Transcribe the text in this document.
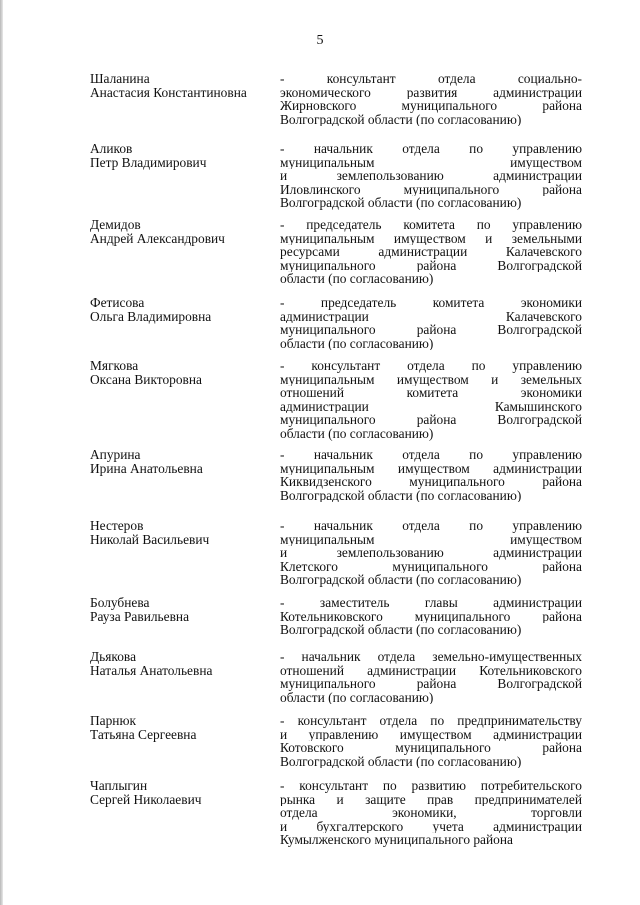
5
Шаланина
Анастасия Константиновна
- консультант отдела социально-
экономического развития администрации
Жирновского муниципального района
Волгоградской области (по согласованию)
Аликов
Петр Владимирович
- начальник отдела по управлению
муниципальным имуществом
и землепользованию администрации
Иловлинского муниципального района
Волгоградской области (по согласованию)
Демидов
Андрей Александрович
- председатель комитета по управлению
муниципальным имуществом и земельными
ресурсами администрации Калачевского
муниципального района Волгоградской
области (по согласованию)
Фетисова
Ольга Владимировна
- председатель комитета экономики
администрации Калачевского
муниципального района Волгоградской
области (по согласованию)
Мягкова
Оксана Викторовна
- консультант отдела по управлению
муниципальным имуществом и земельных
отношений комитета экономики
администрации Камышинского
муниципального района Волгоградской
области (по согласованию)
Апурина
Ирина Анатольевна
- начальник отдела по управлению
муниципальным имуществом администрации
Киквидзенского муниципального района
Волгоградской области (по согласованию)
Нестеров
Николай Васильевич
- начальник отдела по управлению
муниципальным имуществом
и землепользованию администрации
Клетского муниципального района
Волгоградской области (по согласованию)
Болубнева
Рауза Равильевна
- заместитель главы администрации
Котельниковского муниципального района
Волгоградской области (по согласованию)
Дьякова
Наталья Анатольевна
- начальник отдела земельно-имущественных
отношений администрации Котельниковского
муниципального района Волгоградской
области (по согласованию)
Парнюк
Татьяна Сергеевна
- консультант отдела по предпринимательству
и управлению имуществом администрации
Котовского муниципального района
Волгоградской области (по согласованию)
Чаплыгин
Сергей Николаевич
- консультант по развитию потребительского
рынка и защите прав предпринимателей
отдела экономики, торговли
и бухгалтерского учета администрации
Кумылженского муниципального района
